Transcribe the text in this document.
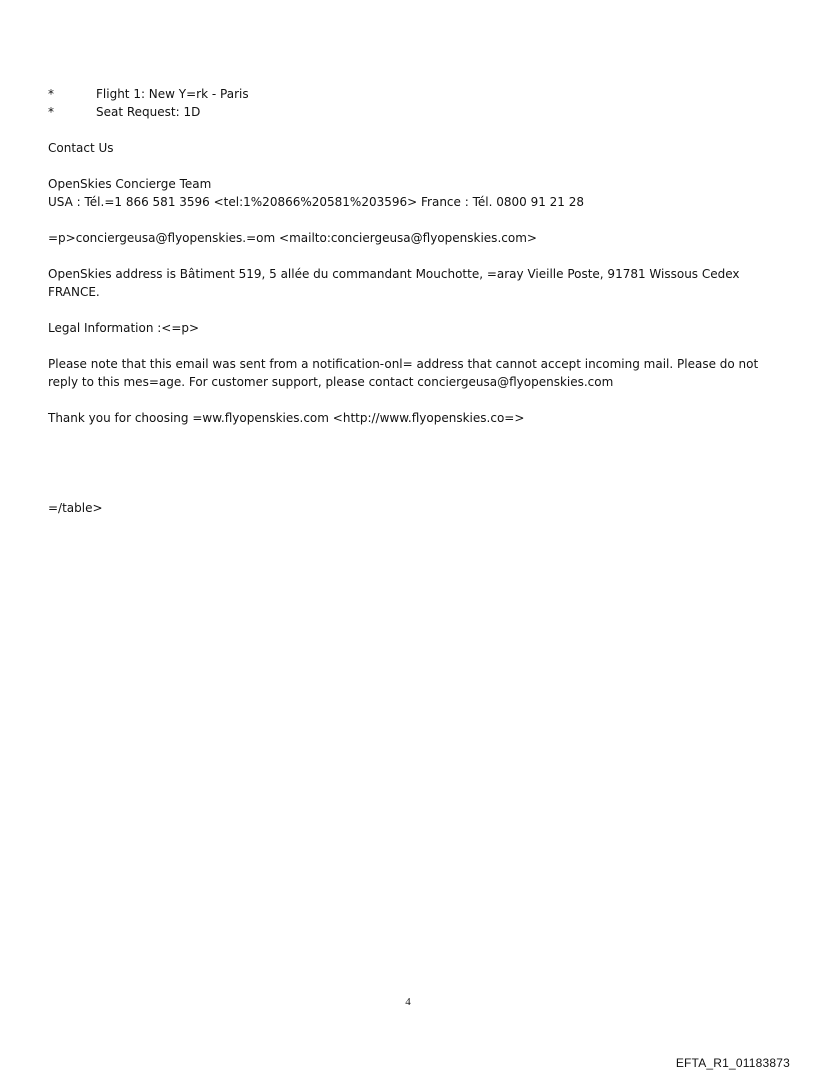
*	Flight 1: New Y=rk - Paris
*	Seat Request: 1D

Contact Us

OpenSkies Concierge Team

USA : Tél.=1 866 581 3596 <tel:1%20866%20581%203596> France : Tél. 0800 91 21 28

=p>conciergeusa@flyopenskies.=om <mailto:conciergeusa@flyopenskies.com>

OpenSkies address is Bâtiment 519, 5 allée du commandant Mouchotte, =aray Vieille Poste, 91781 Wissous Cedex FRANCE.

Legal Information :<=p>

Please note that this email was sent from a notification-onl= address that cannot accept incoming mail. Please do not reply to this mes=age. For customer support, please contact conciergeusa@flyopenskies.com

Thank you for choosing =ww.flyopenskies.com <http://www.flyopenskies.co=>

=/table>

4
EFTA_R1_01183873
